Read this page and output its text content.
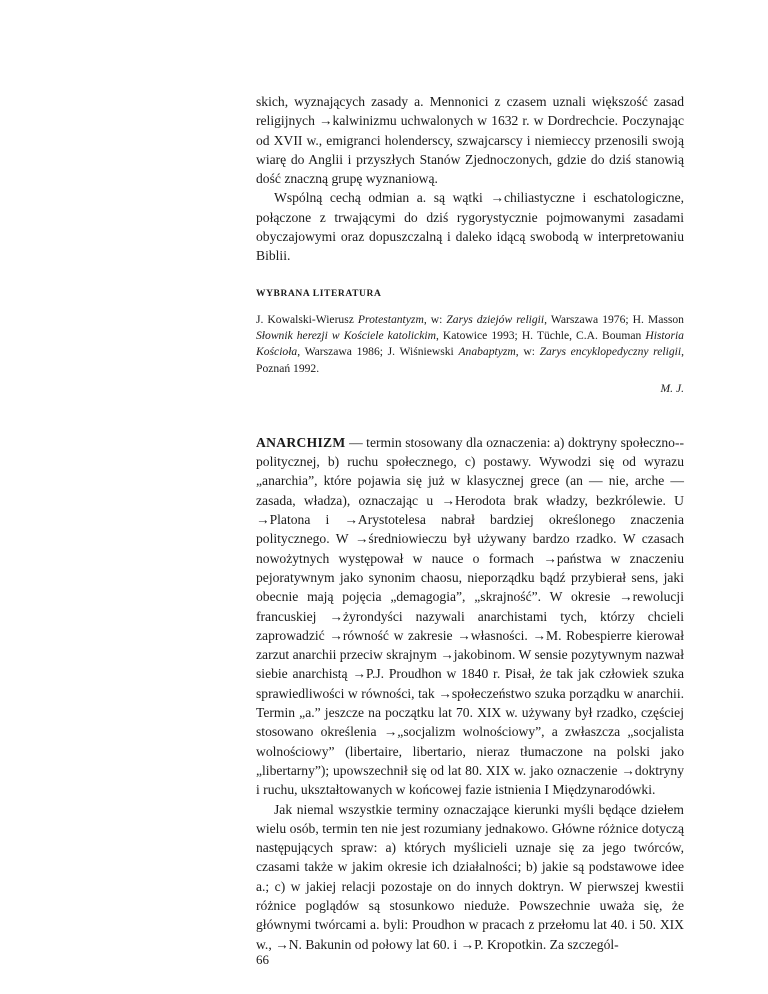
skich, wyznających zasady a. Mennonici z czasem uznali większość zasad religijnych →kalwinizmu uchwalonych w 1632 r. w Dordrechcie. Poczynając od XVII w., emigranci holenderscy, szwajcarscy i niemieccy przenosili swoją wiarę do Anglii i przyszłych Stanów Zjednoczonych, gdzie do dziś stanowią dość znaczną grupę wyznaniową.

Wspólną cechą odmian a. są wątki →chiliastyczne i eschatologiczne, połączone z trwającymi do dziś rygorystycznie pojmowanymi zasadami obyczajowymi oraz dopuszczalną i daleko idącą swobodą w interpretowaniu Biblii.

WYBRANA LITERATURA
J. Kowalski-Wierusz Protestantyzm, w: Zarys dziejów religii, Warszawa 1976; H. Masson Słownik herezji w Kościele katolickim, Katowice 1993; H. Tüchle, C.A. Bouman Historia Kościoła, Warszawa 1986; J. Wiśniewski Anabaptyzm, w: Zarys encyklopedyczny religii, Poznań 1992.
M. J.

ANARCHIZM — termin stosowany dla oznaczenia: a) doktryny społeczno--politycznej, b) ruchu społecznego, c) postawy. Wywodzi się od wyrazu „anarchia”, które pojawia się już w klasycznej grece (an — nie, arche — zasada, władza), oznaczając u →Herodota brak władzy, bezkrólewie. U →Platona i →Arystotelesa nabrał bardziej określonego znaczenia politycznego. W →średniowieczu był używany bardzo rzadko. W czasach nowożytnych występował w nauce o formach →państwa w znaczeniu pejoratywnym jako synonim chaosu, nieporządku bądź przybierał sens, jaki obecnie mają pojęcia „demagogia”, „skrajność”. W okresie →rewolucji francuskiej →żyrondyści nazywali anarchistami tych, którzy chcieli zaprowadzić →równość w zakresie →własności. →M. Robespierre kierował zarzut anarchii przeciw skrajnym →jakobinom. W sensie pozytywnym nazwał siebie anarchistą →P.J. Proudhon w 1840 r. Pisał, że tak jak człowiek szuka sprawiedliwości w równości, tak →społeczeństwo szuka porządku w anarchii. Termin „a.” jeszcze na początku lat 70. XIX w. używany był rzadko, częściej stosowano określenia →„socjalizm wolnościowy”, a zwłaszcza „socjalista wolnościowy” (libertaire, libertario, nieraz tłumaczone na polski jako „libertarny”); upowszechnił się od lat 80. XIX w. jako oznaczenie →doktryny i ruchu, ukształtowanych w końcowej fazie istnienia I Międzynarodówki.

Jak niemal wszystkie terminy oznaczające kierunki myśli będące dziełem wielu osób, termin ten nie jest rozumiany jednakowo. Główne różnice dotyczą następujących spraw: a) których myślicieli uznaje się za jego twórców, czasami także w jakim okresie ich działalności; b) jakie są podstawowe idee a.; c) w jakiej relacji pozostaje on do innych doktryn. W pierwszej kwestii różnice poglądów są stosunkowo nieduże. Powszechnie uważa się, że głównymi twórcami a. byli: Proudhon w pracach z przełomu lat 40. i 50. XIX w., →N. Bakunin od połowy lat 60. i →P. Kropotkin. Za szczegól-

66
